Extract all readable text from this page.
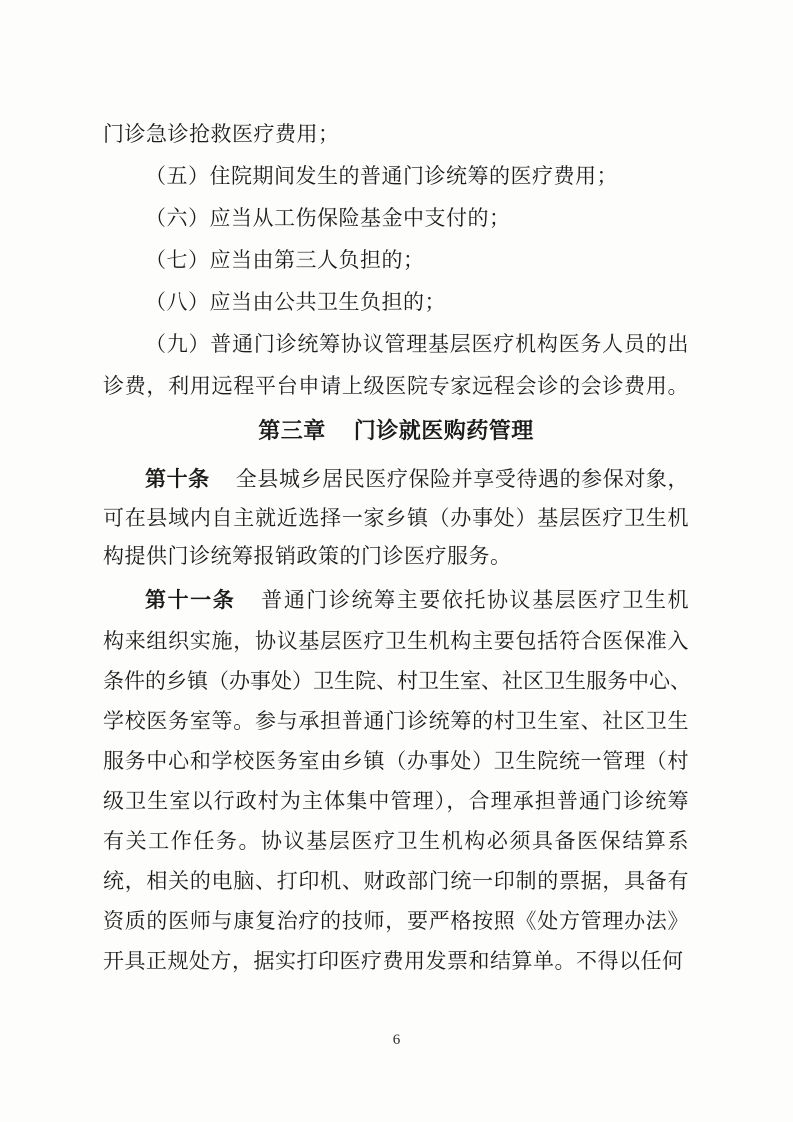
门诊急诊抢救医疗费用；
（五）住院期间发生的普通门诊统筹的医疗费用；
（六）应当从工伤保险基金中支付的；
（七）应当由第三人负担的；
（八）应当由公共卫生负担的；
（九）普通门诊统筹协议管理基层医疗机构医务人员的出
诊费，利用远程平台申请上级医院专家远程会诊的会诊费用。
第三章 门诊就医购药管理
第十条 全县城乡居民医疗保险并享受待遇的参保对象，
可在县域内自主就近选择一家乡镇（办事处）基层医疗卫生机
构提供门诊统筹报销政策的门诊医疗服务。
第十一条 普通门诊统筹主要依托协议基层医疗卫生机
构来组织实施，协议基层医疗卫生机构主要包括符合医保准入
条件的乡镇（办事处）卫生院、村卫生室、社区卫生服务中心、
学校医务室等。参与承担普通门诊统筹的村卫生室、社区卫生
服务中心和学校医务室由乡镇（办事处）卫生院统一管理（村
级卫生室以行政村为主体集中管理），合理承担普通门诊统筹
有关工作任务。协议基层医疗卫生机构必须具备医保结算系
统，相关的电脑、打印机、财政部门统一印制的票据，具备有
资质的医师与康复治疗的技师，要严格按照《处方管理办法》
开具正规处方，据实打印医疗费用发票和结算单。不得以任何
6
